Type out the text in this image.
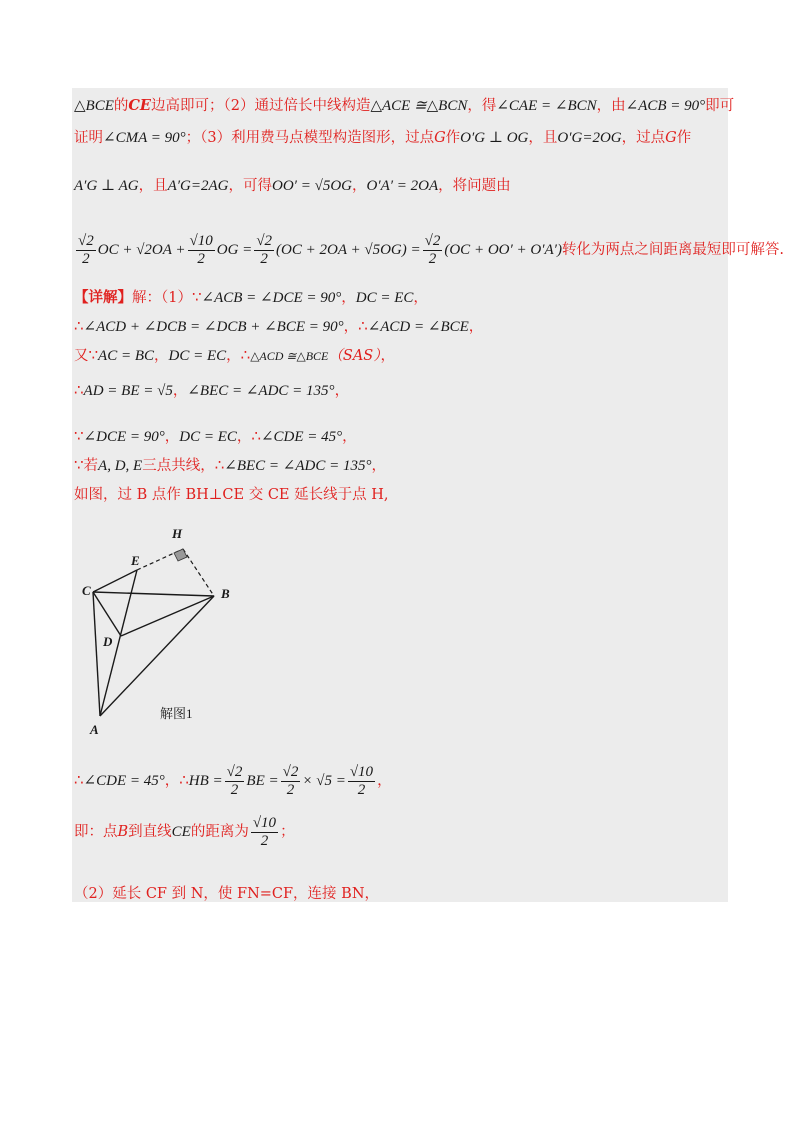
△BCE的CE边高即可；（2）通过倍长中线构造△ACE ≅△BCN，得∠CAE = ∠BCN，由∠ACB = 90°即可
证明∠CMA = 90°；（3）利用费马点模型构造图形，过点G作O′G ⊥ OG，且O′G=2OG，过点G作
A′G ⊥ AG，且A′G=2AG，可得OO′ = √5OG，O′A′ = 2OA，将问题由
$\frac{√2}{2}$ OC + $√2OA + \frac{√10}{2}$ OG = $\frac{√2}{2} (OC + 2OA + √5OG) = \frac{√2}{2} (OC + OO' + O'A')$转化为两点之间距离最短即可解答.
【详解】解：（1）∵∠ACB = ∠DCE = 90°，DC = EC，
∴∠ACD + ∠DCB = ∠DCB + ∠BCE = 90°，∴∠ACD = ∠BCE，
又∵AC = BC，DC = EC，∴△ACD ≅△BCE（SAS），
∴AD = BE = √5，∠BEC = ∠ADC = 135°，
∵∠DCE = 90°，DC = EC，∴∠CDE = 45°，
∵若A, D, E三点共线，∴∠BEC = ∠ADC = 135°，
如图，过 B 点作 BH⊥CE 交 CE 延长线于点 H,
H
E
C	B
D
A
解图1
∴∠CDE = 45°，∴HB = $\frac{√2}{2}$ BE = $\frac{√2}{2} \times √5 = \frac{√10}{2}$ ，
即：点B到直线CE的距离为 $\frac{√10}{2}$ ；
（2）延长 CF 到 N，使 FN=CF，连接 BN，
